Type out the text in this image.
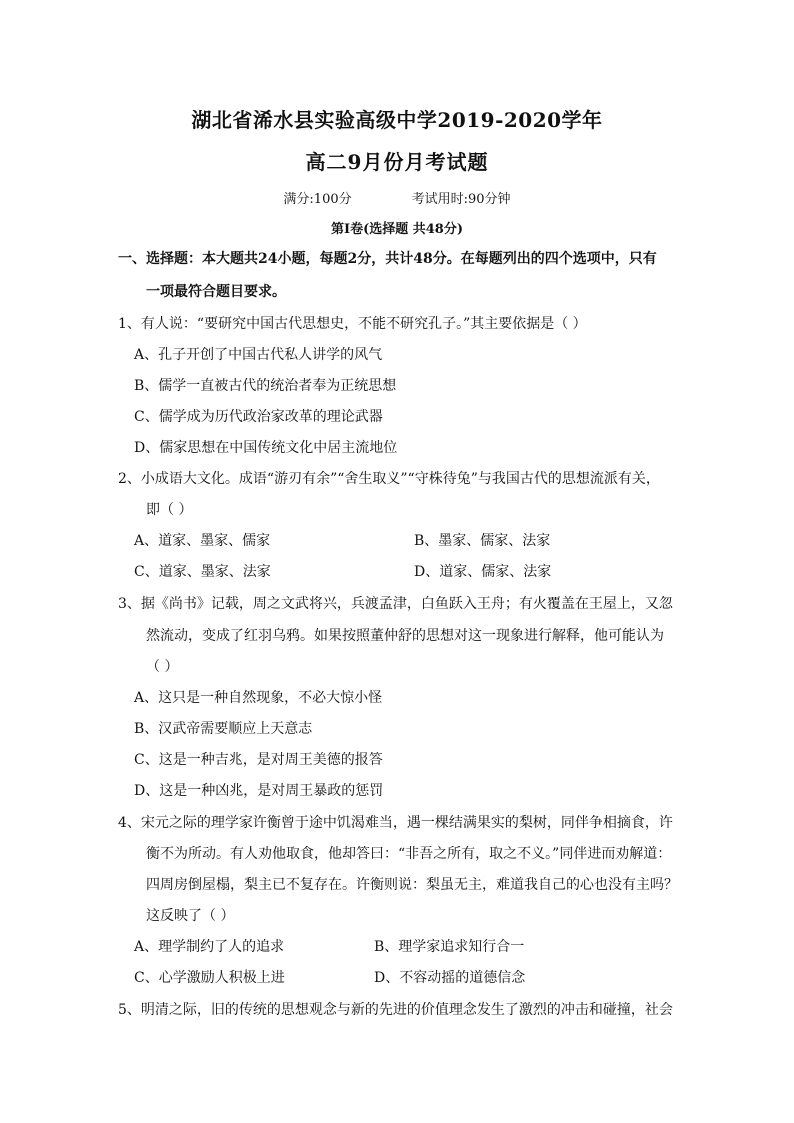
湖北省浠水县实验高级中学2019-2020学年
高二9月份月考试题
满分:100分	考试用时:90分钟
第Ⅰ卷(选择题 共48分)
一、选择题：本大题共24小题，每题2分，共计48分。在每题列出的四个选项中，只有
一项最符合题目要求。
1、有人说：“要研究中国古代思想史，不能不研究孔子。”其主要依据是（ ）
A、孔子开创了中国古代私人讲学的风气
B、儒学一直被古代的统治者奉为正统思想
C、儒学成为历代政治家改革的理论武器
D、儒家思想在中国传统文化中居主流地位
2、小成语大文化。成语“游刃有余”“舍生取义”“守株待兔”与我国古代的思想流派有关，
即（ ）
A、道家、墨家、儒家	B、墨家、儒家、法家
C、道家、墨家、法家	D、道家、儒家、法家
3、据《尚书》记载，周之文武将兴，兵渡孟津，白鱼跃入王舟；有火覆盖在王屋上，又忽
然流动，变成了红羽乌鸦。如果按照董仲舒的思想对这一现象进行解释，他可能认为
（ ）
A、这只是一种自然现象，不必大惊小怪
B、汉武帝需要顺应上天意志
C、这是一种吉兆，是对周王美德的报答
D、这是一种凶兆，是对周王暴政的惩罚
4、宋元之际的理学家许衡曾于途中饥渴难当，遇一棵结满果实的梨树，同伴争相摘食，许
衡不为所动。有人劝他取食，他却答曰：“非吾之所有，取之不义。”同伴进而劝解道：
四周房倒屋榻，梨主已不复存在。许衡则说：梨虽无主，难道我自己的心也没有主吗？
这反映了（ ）
A、理学制约了人的追求	B、理学家追求知行合一
C、心学激励人积极上进	D、不容动摇的道德信念
5、明清之际，旧的传统的思想观念与新的先进的价值理念发生了激烈的冲击和碰撞，社会
